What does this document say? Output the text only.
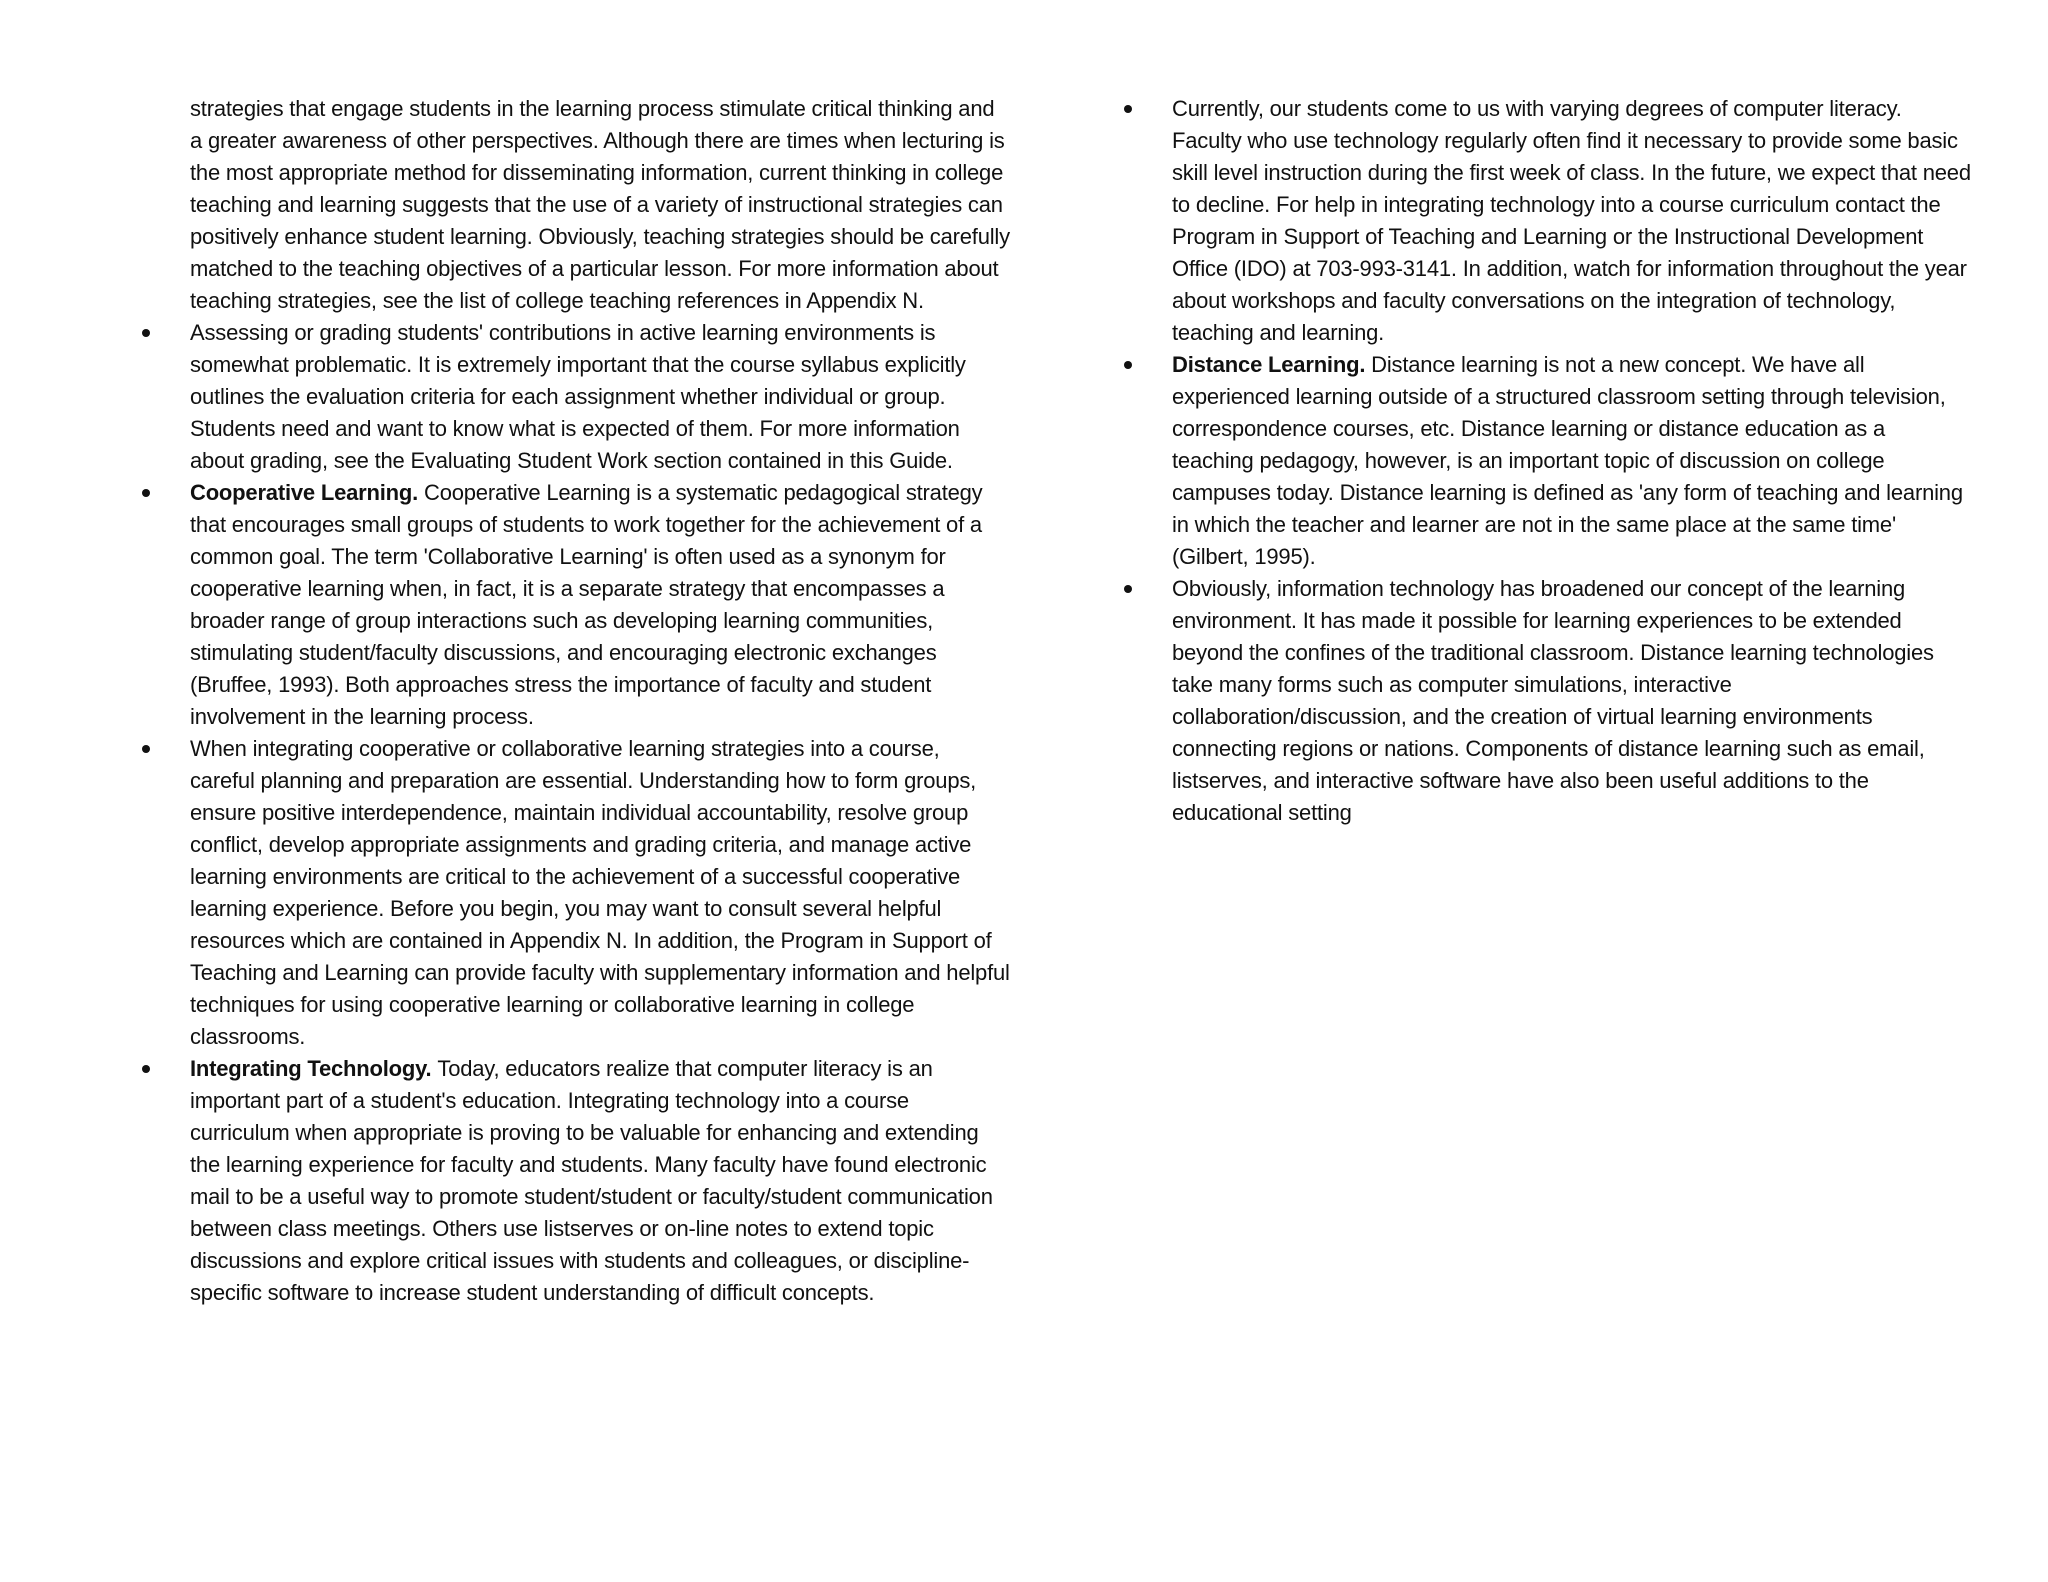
strategies that engage students in the learning process stimulate critical thinking and a greater awareness of other perspectives. Although there are times when lecturing is the most appropriate method for disseminating information, current thinking in college teaching and learning suggests that the use of a variety of instructional strategies can positively enhance student learning. Obviously, teaching strategies should be carefully matched to the teaching objectives of a particular lesson. For more information about teaching strategies, see the list of college teaching references in Appendix N.
Assessing or grading students' contributions in active learning environments is somewhat problematic. It is extremely important that the course syllabus explicitly outlines the evaluation criteria for each assignment whether individual or group. Students need and want to know what is expected of them. For more information about grading, see the Evaluating Student Work section contained in this Guide.
Cooperative Learning. Cooperative Learning is a systematic pedagogical strategy that encourages small groups of students to work together for the achievement of a common goal. The term 'Collaborative Learning' is often used as a synonym for cooperative learning when, in fact, it is a separate strategy that encompasses a broader range of group interactions such as developing learning communities, stimulating student/faculty discussions, and encouraging electronic exchanges (Bruffee, 1993). Both approaches stress the importance of faculty and student involvement in the learning process.
When integrating cooperative or collaborative learning strategies into a course, careful planning and preparation are essential. Understanding how to form groups, ensure positive interdependence, maintain individual accountability, resolve group conflict, develop appropriate assignments and grading criteria, and manage active learning environments are critical to the achievement of a successful cooperative learning experience. Before you begin, you may want to consult several helpful resources which are contained in Appendix N. In addition, the Program in Support of Teaching and Learning can provide faculty with supplementary information and helpful techniques for using cooperative learning or collaborative learning in college classrooms.
Integrating Technology. Today, educators realize that computer literacy is an important part of a student's education. Integrating technology into a course curriculum when appropriate is proving to be valuable for enhancing and extending the learning experience for faculty and students. Many faculty have found electronic mail to be a useful way to promote student/student or faculty/student communication between class meetings. Others use listserves or on-line notes to extend topic discussions and explore critical issues with students and colleagues, or discipline-specific software to increase student understanding of difficult concepts.
Currently, our students come to us with varying degrees of computer literacy. Faculty who use technology regularly often find it necessary to provide some basic skill level instruction during the first week of class. In the future, we expect that need to decline. For help in integrating technology into a course curriculum contact the Program in Support of Teaching and Learning or the Instructional Development Office (IDO) at 703-993-3141. In addition, watch for information throughout the year about workshops and faculty conversations on the integration of technology, teaching and learning.
Distance Learning. Distance learning is not a new concept. We have all experienced learning outside of a structured classroom setting through television, correspondence courses, etc. Distance learning or distance education as a teaching pedagogy, however, is an important topic of discussion on college campuses today. Distance learning is defined as 'any form of teaching and learning in which the teacher and learner are not in the same place at the same time' (Gilbert, 1995).
Obviously, information technology has broadened our concept of the learning environment. It has made it possible for learning experiences to be extended beyond the confines of the traditional classroom. Distance learning technologies take many forms such as computer simulations, interactive collaboration/discussion, and the creation of virtual learning environments connecting regions or nations. Components of distance learning such as email, listserves, and interactive software have also been useful additions to the educational setting
